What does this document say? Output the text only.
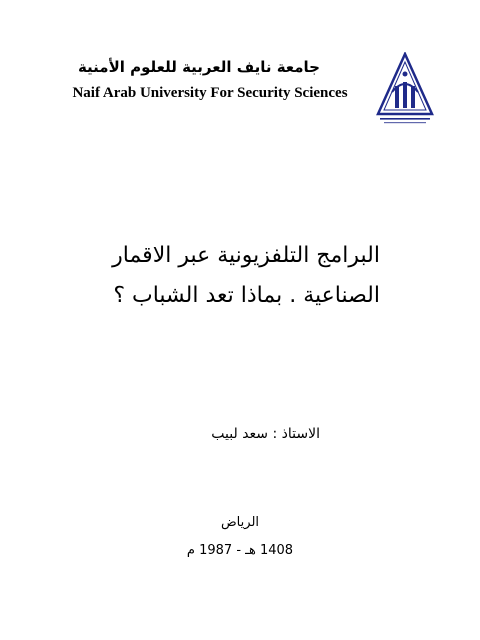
جامعة نايف العربية للعلوم الأمنية
Naif Arab University For Security Sciences
البرامج التلفزيونية عبر الاقمار
الصناعية . بماذا تعد الشباب ؟
الاستاذ : سعد لبيب
الرياض
1408 هـ - 1987 م
